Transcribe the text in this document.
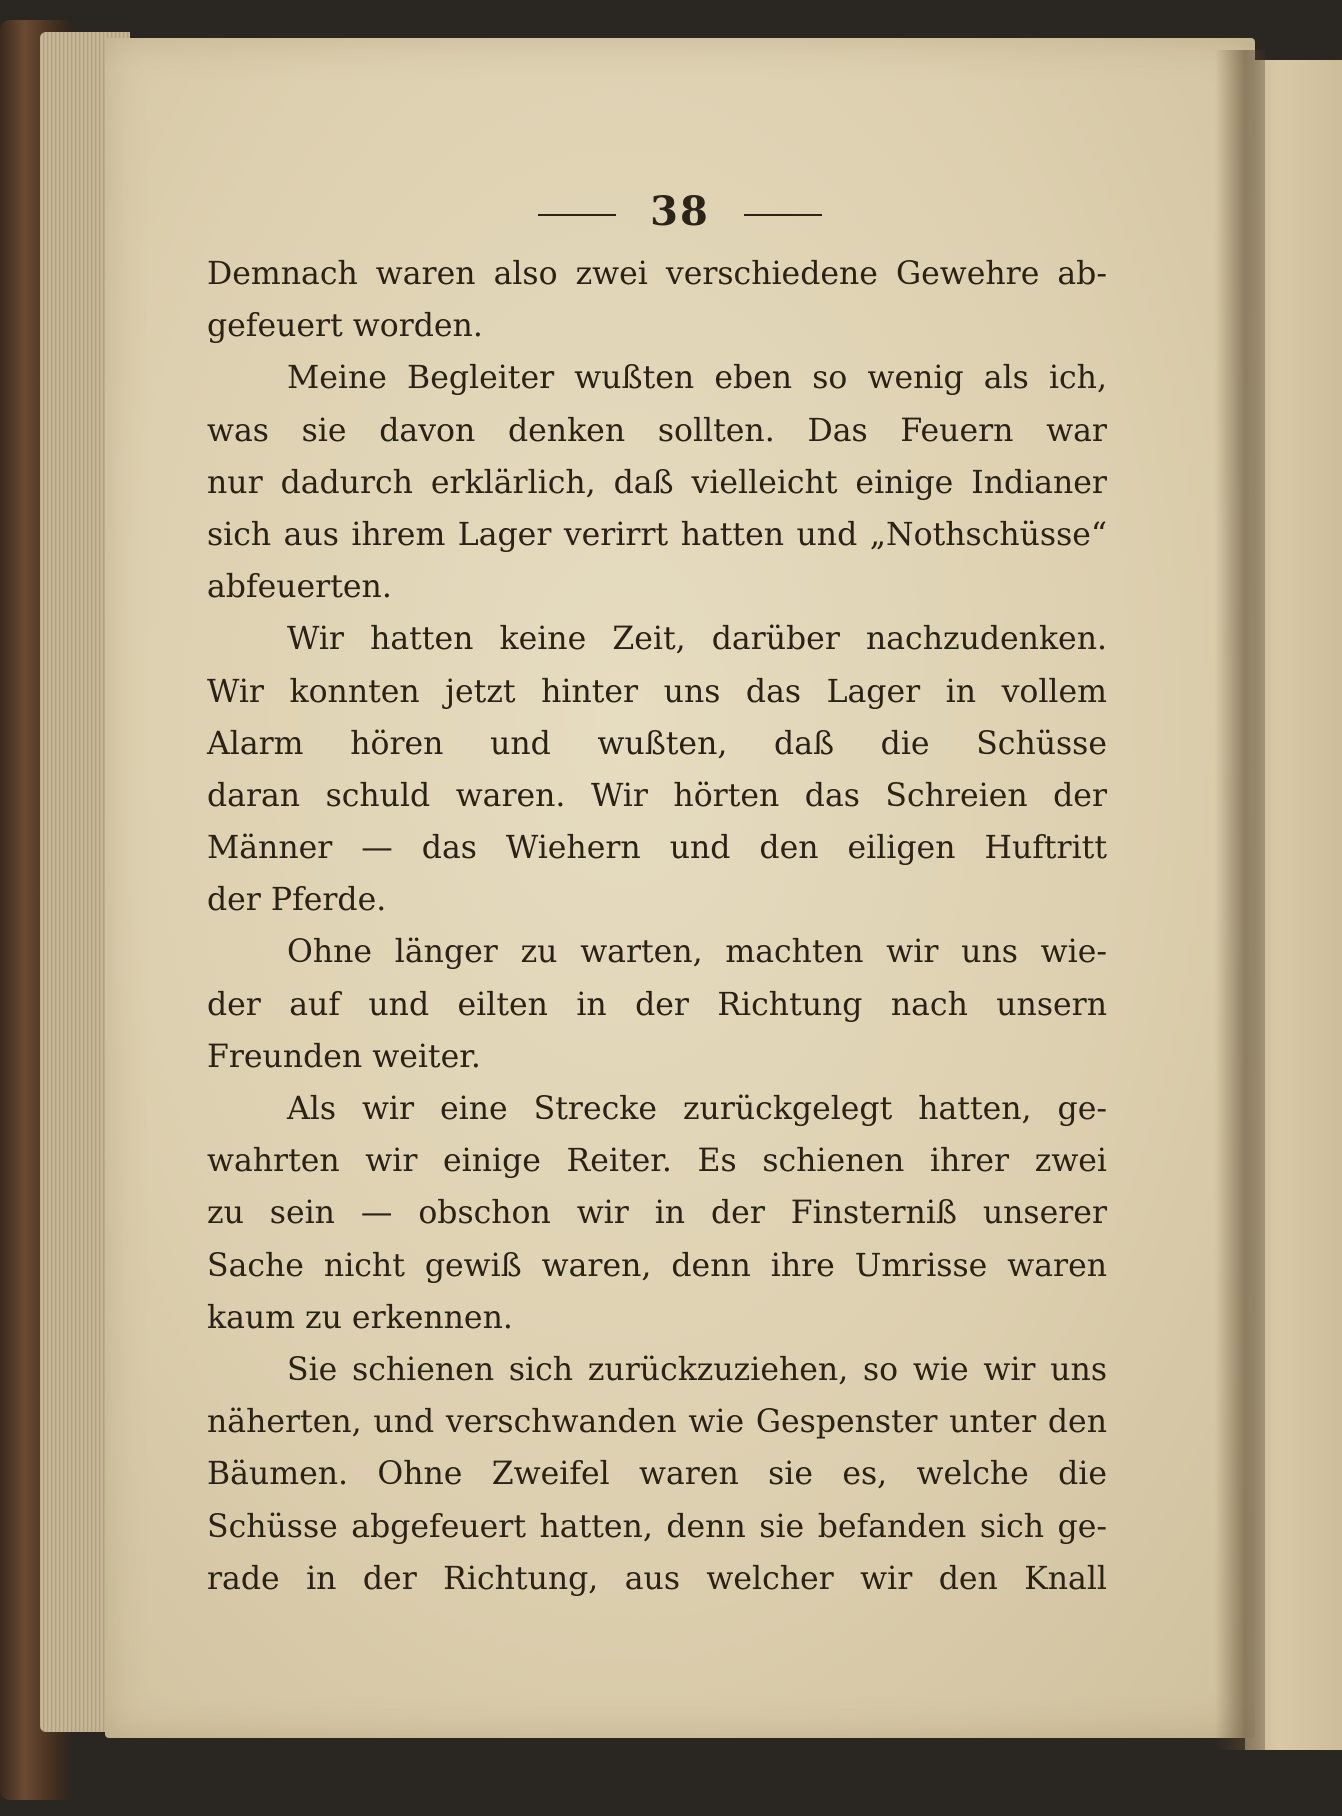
38
Demnach waren also zwei verschiedene Gewehre ab-
gefeuert worden.
Meine Begleiter wußten eben so wenig als ich,
was sie davon denken sollten. Das Feuern war
nur dadurch erklärlich, daß vielleicht einige Indianer
sich aus ihrem Lager verirrt hatten und „Nothschüsse“
abfeuerten.
Wir hatten keine Zeit, darüber nachzudenken.
Wir konnten jetzt hinter uns das Lager in vollem
Alarm hören und wußten, daß die Schüsse
daran schuld waren. Wir hörten das Schreien der
Männer — das Wiehern und den eiligen Huftritt
der Pferde.
Ohne länger zu warten, machten wir uns wie-
der auf und eilten in der Richtung nach unsern
Freunden weiter.
Als wir eine Strecke zurückgelegt hatten, ge-
wahrten wir einige Reiter. Es schienen ihrer zwei
zu sein — obschon wir in der Finsterniß unserer
Sache nicht gewiß waren, denn ihre Umrisse waren
kaum zu erkennen.
Sie schienen sich zurückzuziehen, so wie wir uns
näherten, und verschwanden wie Gespenster unter den
Bäumen. Ohne Zweifel waren sie es, welche die
Schüsse abgefeuert hatten, denn sie befanden sich ge-
rade in der Richtung, aus welcher wir den Knall
